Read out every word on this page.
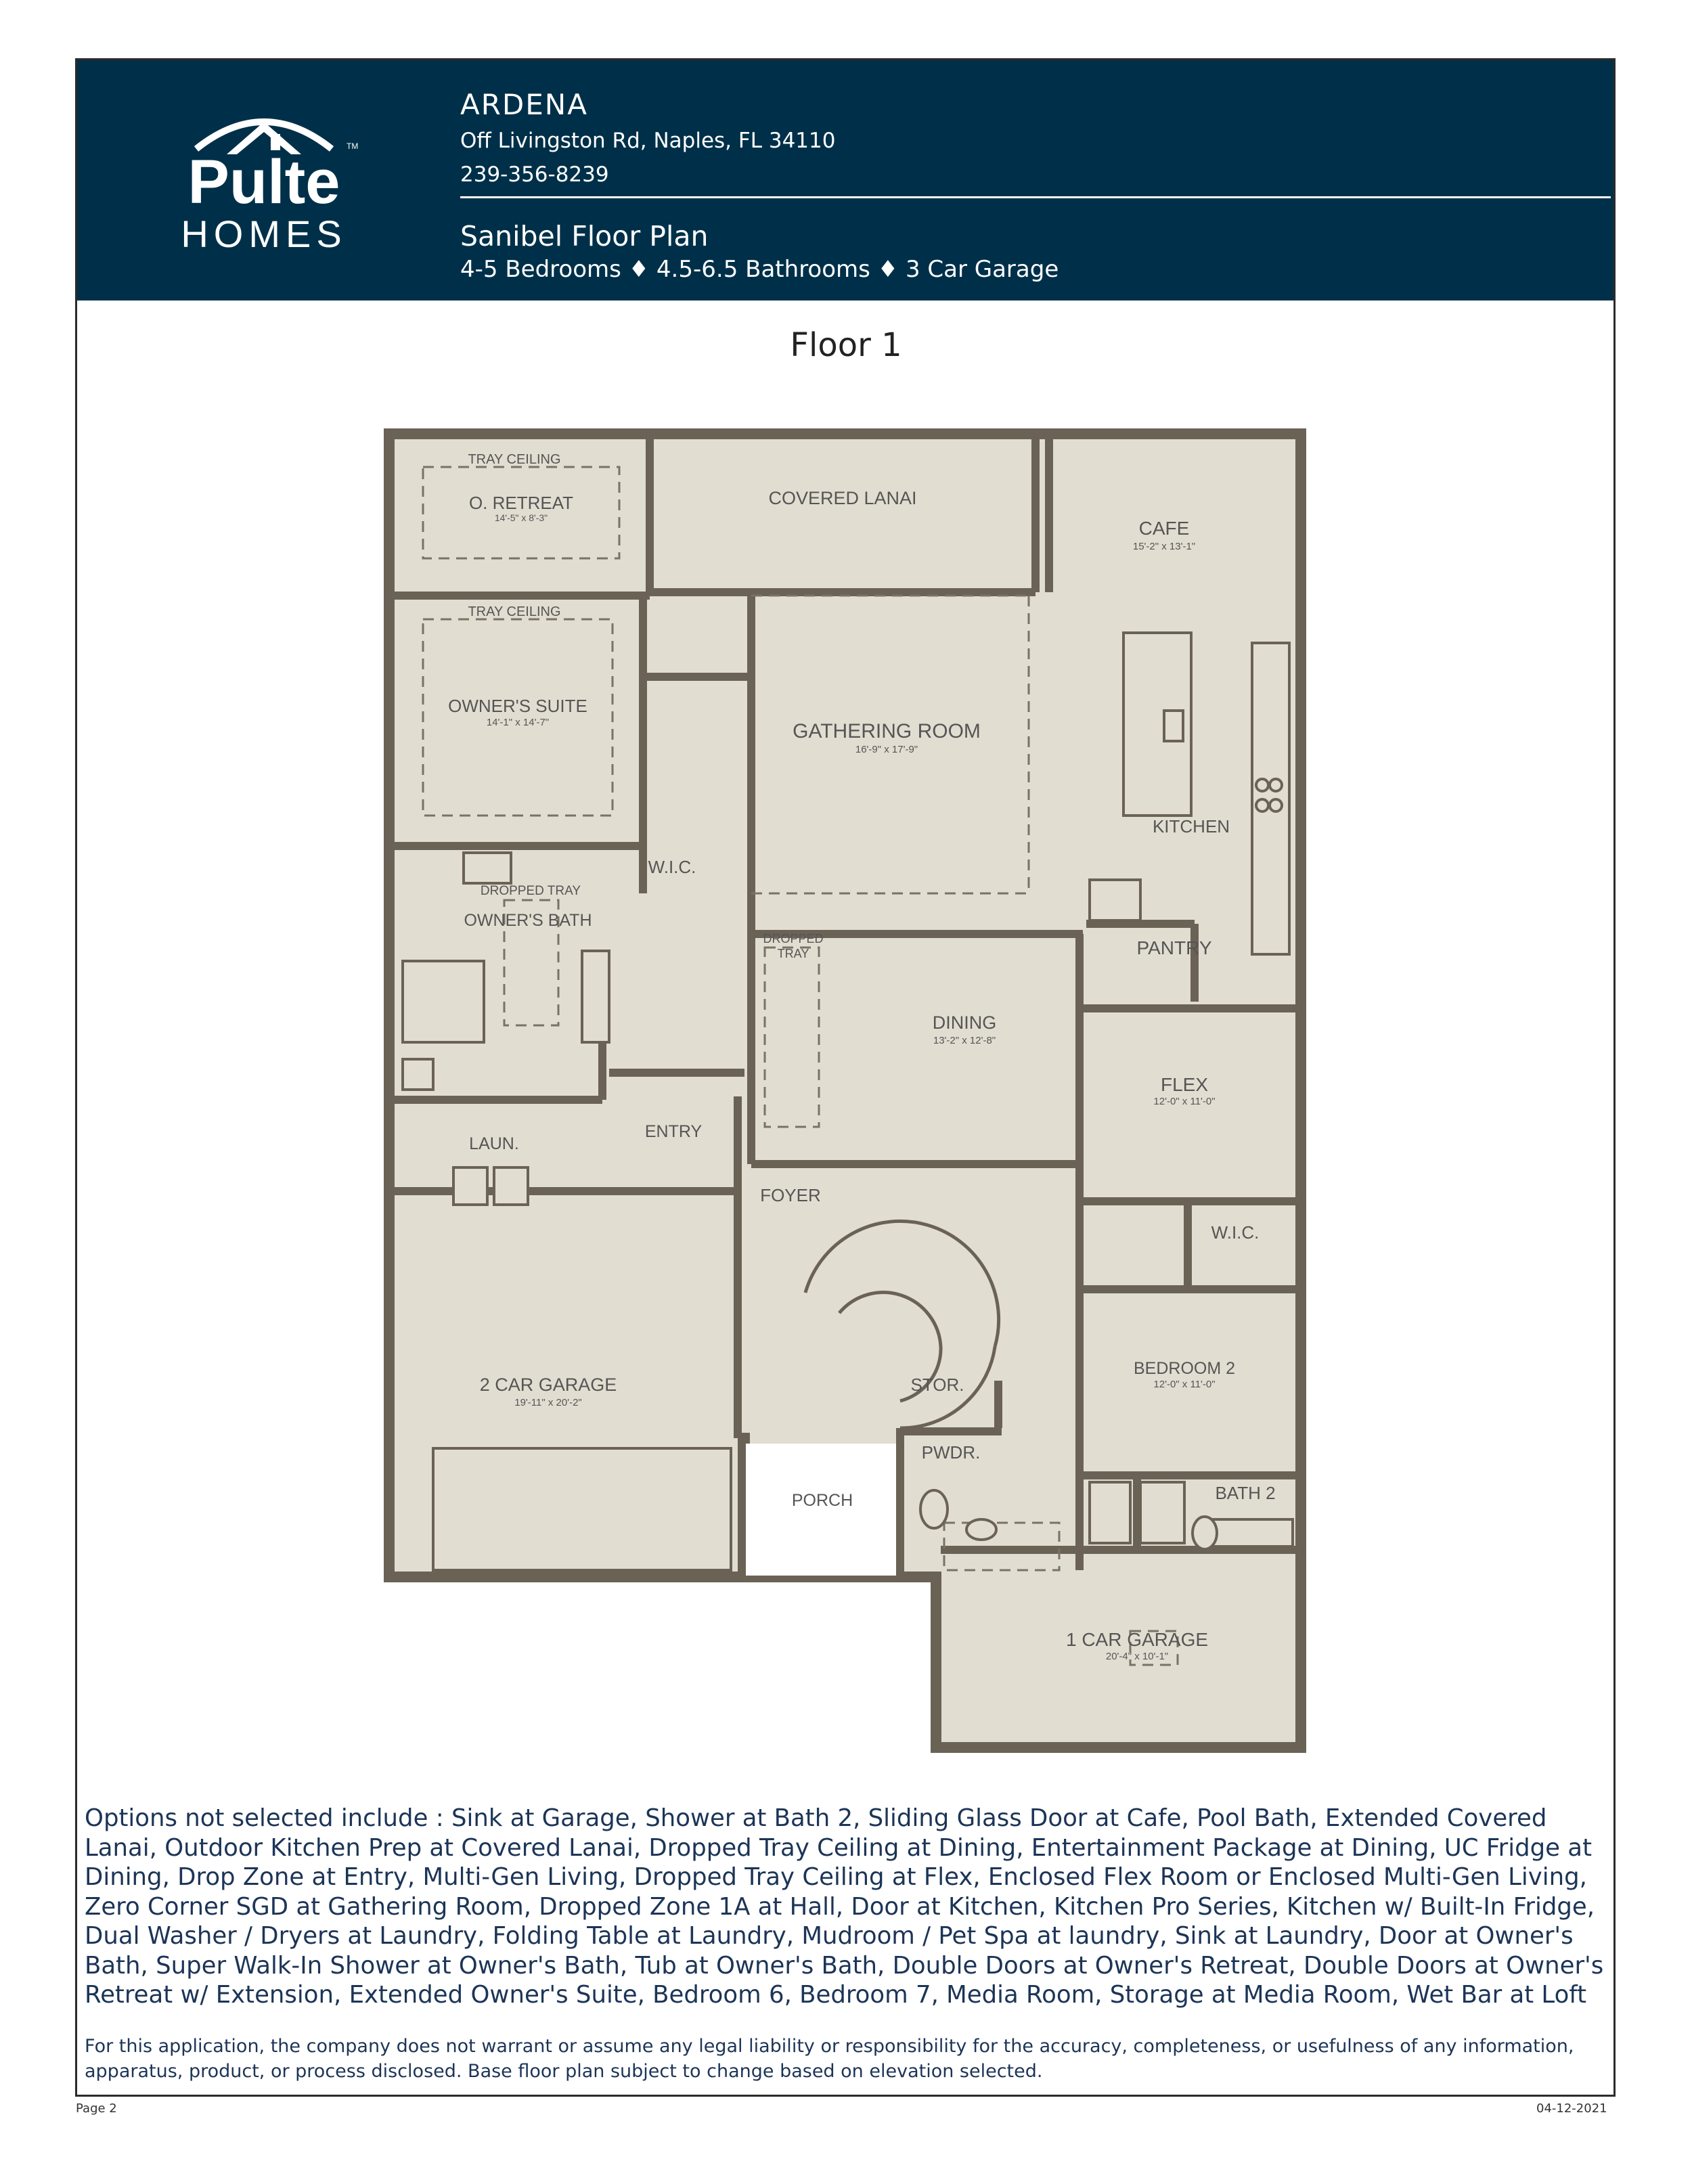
Pulte
HOMES
TM
ARDENA
Off Livingston Rd, Naples, FL 34110
239-356-8239
Sanibel Floor Plan
4-5 Bedrooms ♦ 4.5-6.5 Bathrooms ♦ 3 Car Garage
Floor 1
TRAY CEILING
O. RETREAT
14'-5" x 8'-3"
COVERED LANAI
CAFE
15'-2" x 13'-1"
TRAY CEILING
OWNER'S SUITE
14'-1" x 14'-7"	GATHERING ROOM
16'-9" x 17'-9"
KITCHEN
W.I.C.
DROPPED TRAY
OWNER'S BATH
DROPPED
TRAY	PANTRY
DINING
13'-2" x 12'-8"
FLEX
12'-0" x 11'-0"
LAUN.
ENTRY
FOYER
W.I.C.
BEDROOM 2
12'-0" x 11'-0"
2 CAR GARAGE
19'-11" x 20'-2"
STOR.
PWDR.
PORCH	BATH 2
1 CAR GARAGE
20'-4" x 10'-1"
Options not selected include : Sink at Garage, Shower at Bath 2, Sliding Glass Door at Cafe, Pool Bath, Extended Covered Lanai, Outdoor Kitchen Prep at Covered Lanai, Dropped Tray Ceiling at Dining, Entertainment Package at Dining, UC Fridge at Dining, Drop Zone at Entry, Multi-Gen Living, Dropped Tray Ceiling at Flex, Enclosed Flex Room or Enclosed Multi-Gen Living, Zero Corner SGD at Gathering Room, Dropped Zone 1A at Hall, Door at Kitchen, Kitchen Pro Series, Kitchen w/ Built-In Fridge, Dual Washer / Dryers at Laundry, Folding Table at Laundry, Mudroom / Pet Spa at laundry, Sink at Laundry, Door at Owner's Bath, Super Walk-In Shower at Owner's Bath, Tub at Owner's Bath, Double Doors at Owner's Retreat, Double Doors at Owner's Retreat w/ Extension, Extended Owner's Suite, Bedroom 6, Bedroom 7, Media Room, Storage at Media Room, Wet Bar at Loft
For this application, the company does not warrant or assume any legal liability or responsibility for the accuracy, completeness, or usefulness of any information, apparatus, product, or process disclosed. Base floor plan subject to change based on elevation selected.
Page 2	04-12-2021
